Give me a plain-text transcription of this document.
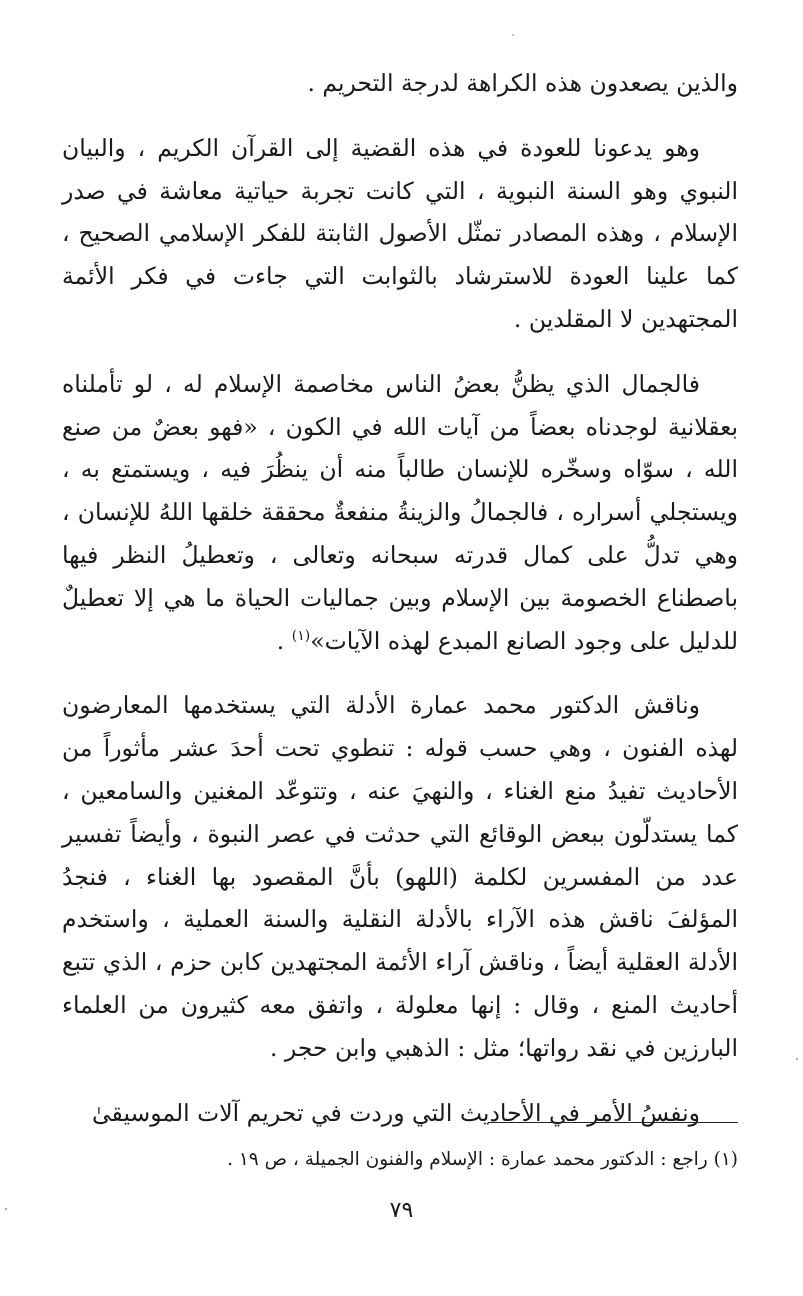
والذين يصعدون هذه الكراهة لدرجة التحريم .

وهو يدعونا للعودة في هذه القضية إلى القرآن الكريم ، والبيان النبوي وهو السنة النبوية ، التي كانت تجربة حياتية معاشة في صدر الإسلام ، وهذه المصادر تمثّل الأصول الثابتة للفكر الإسلامي الصحيح ، كما علينا العودة للاسترشاد بالثوابت التي جاءت في فكر الأئمة المجتهدين لا المقلدين .

فالجمال الذي يظنُّ بعضُ الناس مخاصمة الإسلام له ، لو تأملناه بعقلانية لوجدناه بعضاً من آيات الله في الكون ، «فهو بعضٌ من صنع الله ، سوّاه وسخّره للإنسان طالباً منه أن ينظُرَ فيه ، ويستمتع به ، ويستجلي أسراره ، فالجمالُ والزينةُ منفعةٌ محققة خلقها اللهُ للإنسان ، وهي تدلُّ على كمال قدرته سبحانه وتعالى ، وتعطيلُ النظر فيها باصطناع الخصومة بين الإسلام وبين جماليات الحياة ما هي إلا تعطيلٌ للدليل على وجود الصانع المبدع لهذه الآيات»$^{(١)}$ .

وناقش الدكتور محمد عمارة الأدلة التي يستخدمها المعارضون لهذه الفنون ، وهي حسب قوله : تنطوي تحت أحدَ عشر مأثوراً من الأحاديث تفيدُ منع الغناء ، والنهيَ عنه ، وتتوعّد المغنين والسامعين ، كما يستدلّون ببعض الوقائع التي حدثت في عصر النبوة ، وأيضاً تفسير عدد من المفسرين لكلمة (اللهو) بأنَّ المقصود بها الغناء ، فنجدُ المؤلفَ ناقش هذه الآراء بالأدلة النقلية والسنة العملية ، واستخدم الأدلة العقلية أيضاً ، وناقش آراء الأئمة المجتهدين كابن حزم ، الذي تتبع أحاديث المنع ، وقال : إنها معلولة ، واتفق معه كثيرون من العلماء البارزين في نقد رواتها؛ مثل : الذهبي وابن حجر .

ونفسُ الأمر في الأحاديث التي وردت في تحريم آلات الموسيقىٰ

(١) راجع : الدكتور محمد عمارة : الإسلام والفنون الجميلة ، ص ١٩ .
٧٩
